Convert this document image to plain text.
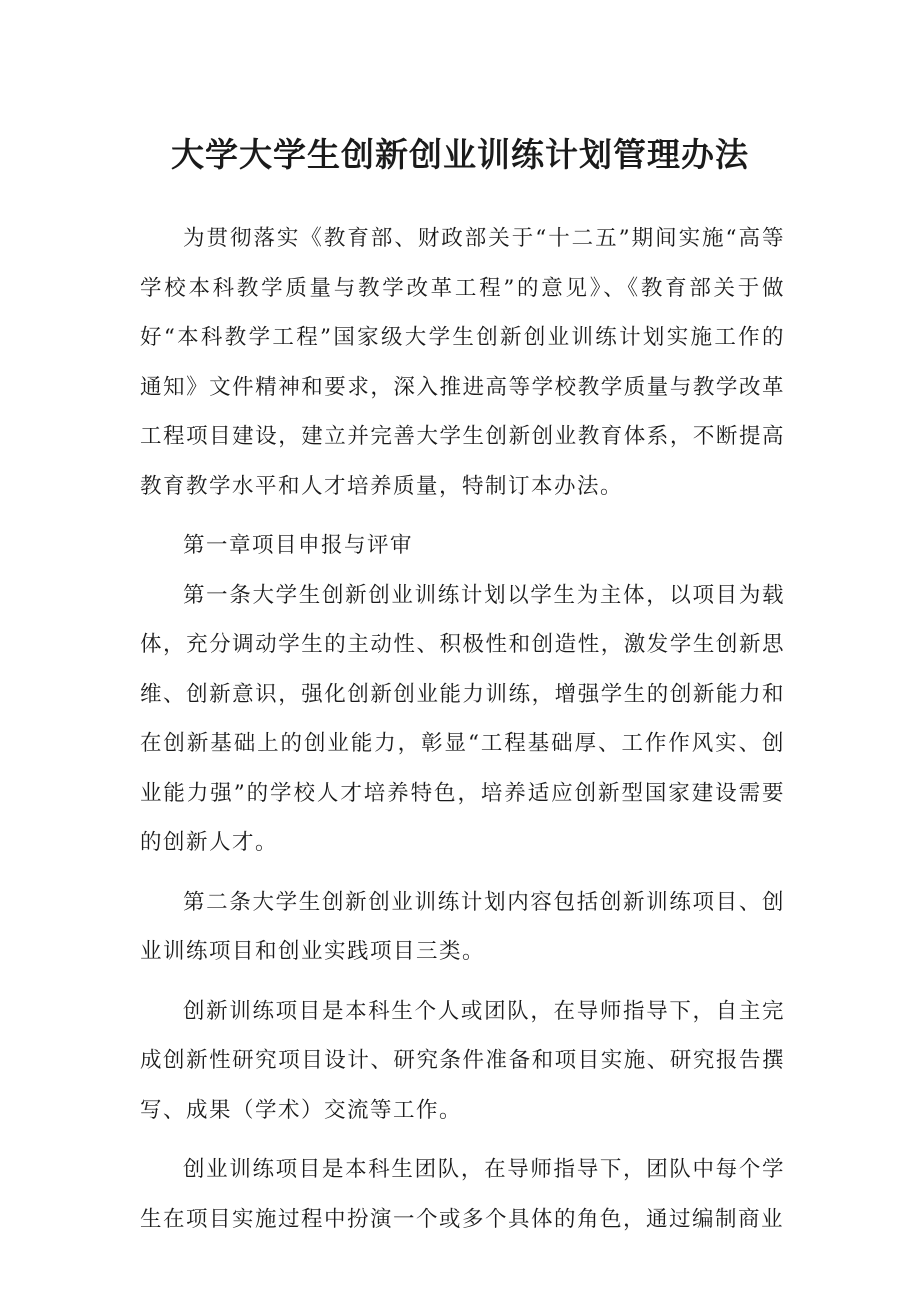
大学大学生创新创业训练计划管理办法

为贯彻落实《教育部、财政部关于“十二五”期间实施“高等学校本科教学质量与教学改革工程”的意见》、《教育部关于做好“本科教学工程”国家级大学生创新创业训练计划实施工作的通知》文件精神和要求，深入推进高等学校教学质量与教学改革工程项目建设，建立并完善大学生创新创业教育体系，不断提高教育教学水平和人才培养质量，特制订本办法。

第一章项目申报与评审

第一条大学生创新创业训练计划以学生为主体，以项目为载体，充分调动学生的主动性、积极性和创造性，激发学生创新思维、创新意识，强化创新创业能力训练，增强学生的创新能力和在创新基础上的创业能力，彰显“工程基础厚、工作作风实、创业能力强”的学校人才培养特色，培养适应创新型国家建设需要的创新人才。

第二条大学生创新创业训练计划内容包括创新训练项目、创业训练项目和创业实践项目三类。

创新训练项目是本科生个人或团队，在导师指导下，自主完成创新性研究项目设计、研究条件准备和项目实施、研究报告撰写、成果（学术）交流等工作。

创业训练项目是本科生团队，在导师指导下，团队中每个学生在项目实施过程中扮演一个或多个具体的角色，通过编制商业
